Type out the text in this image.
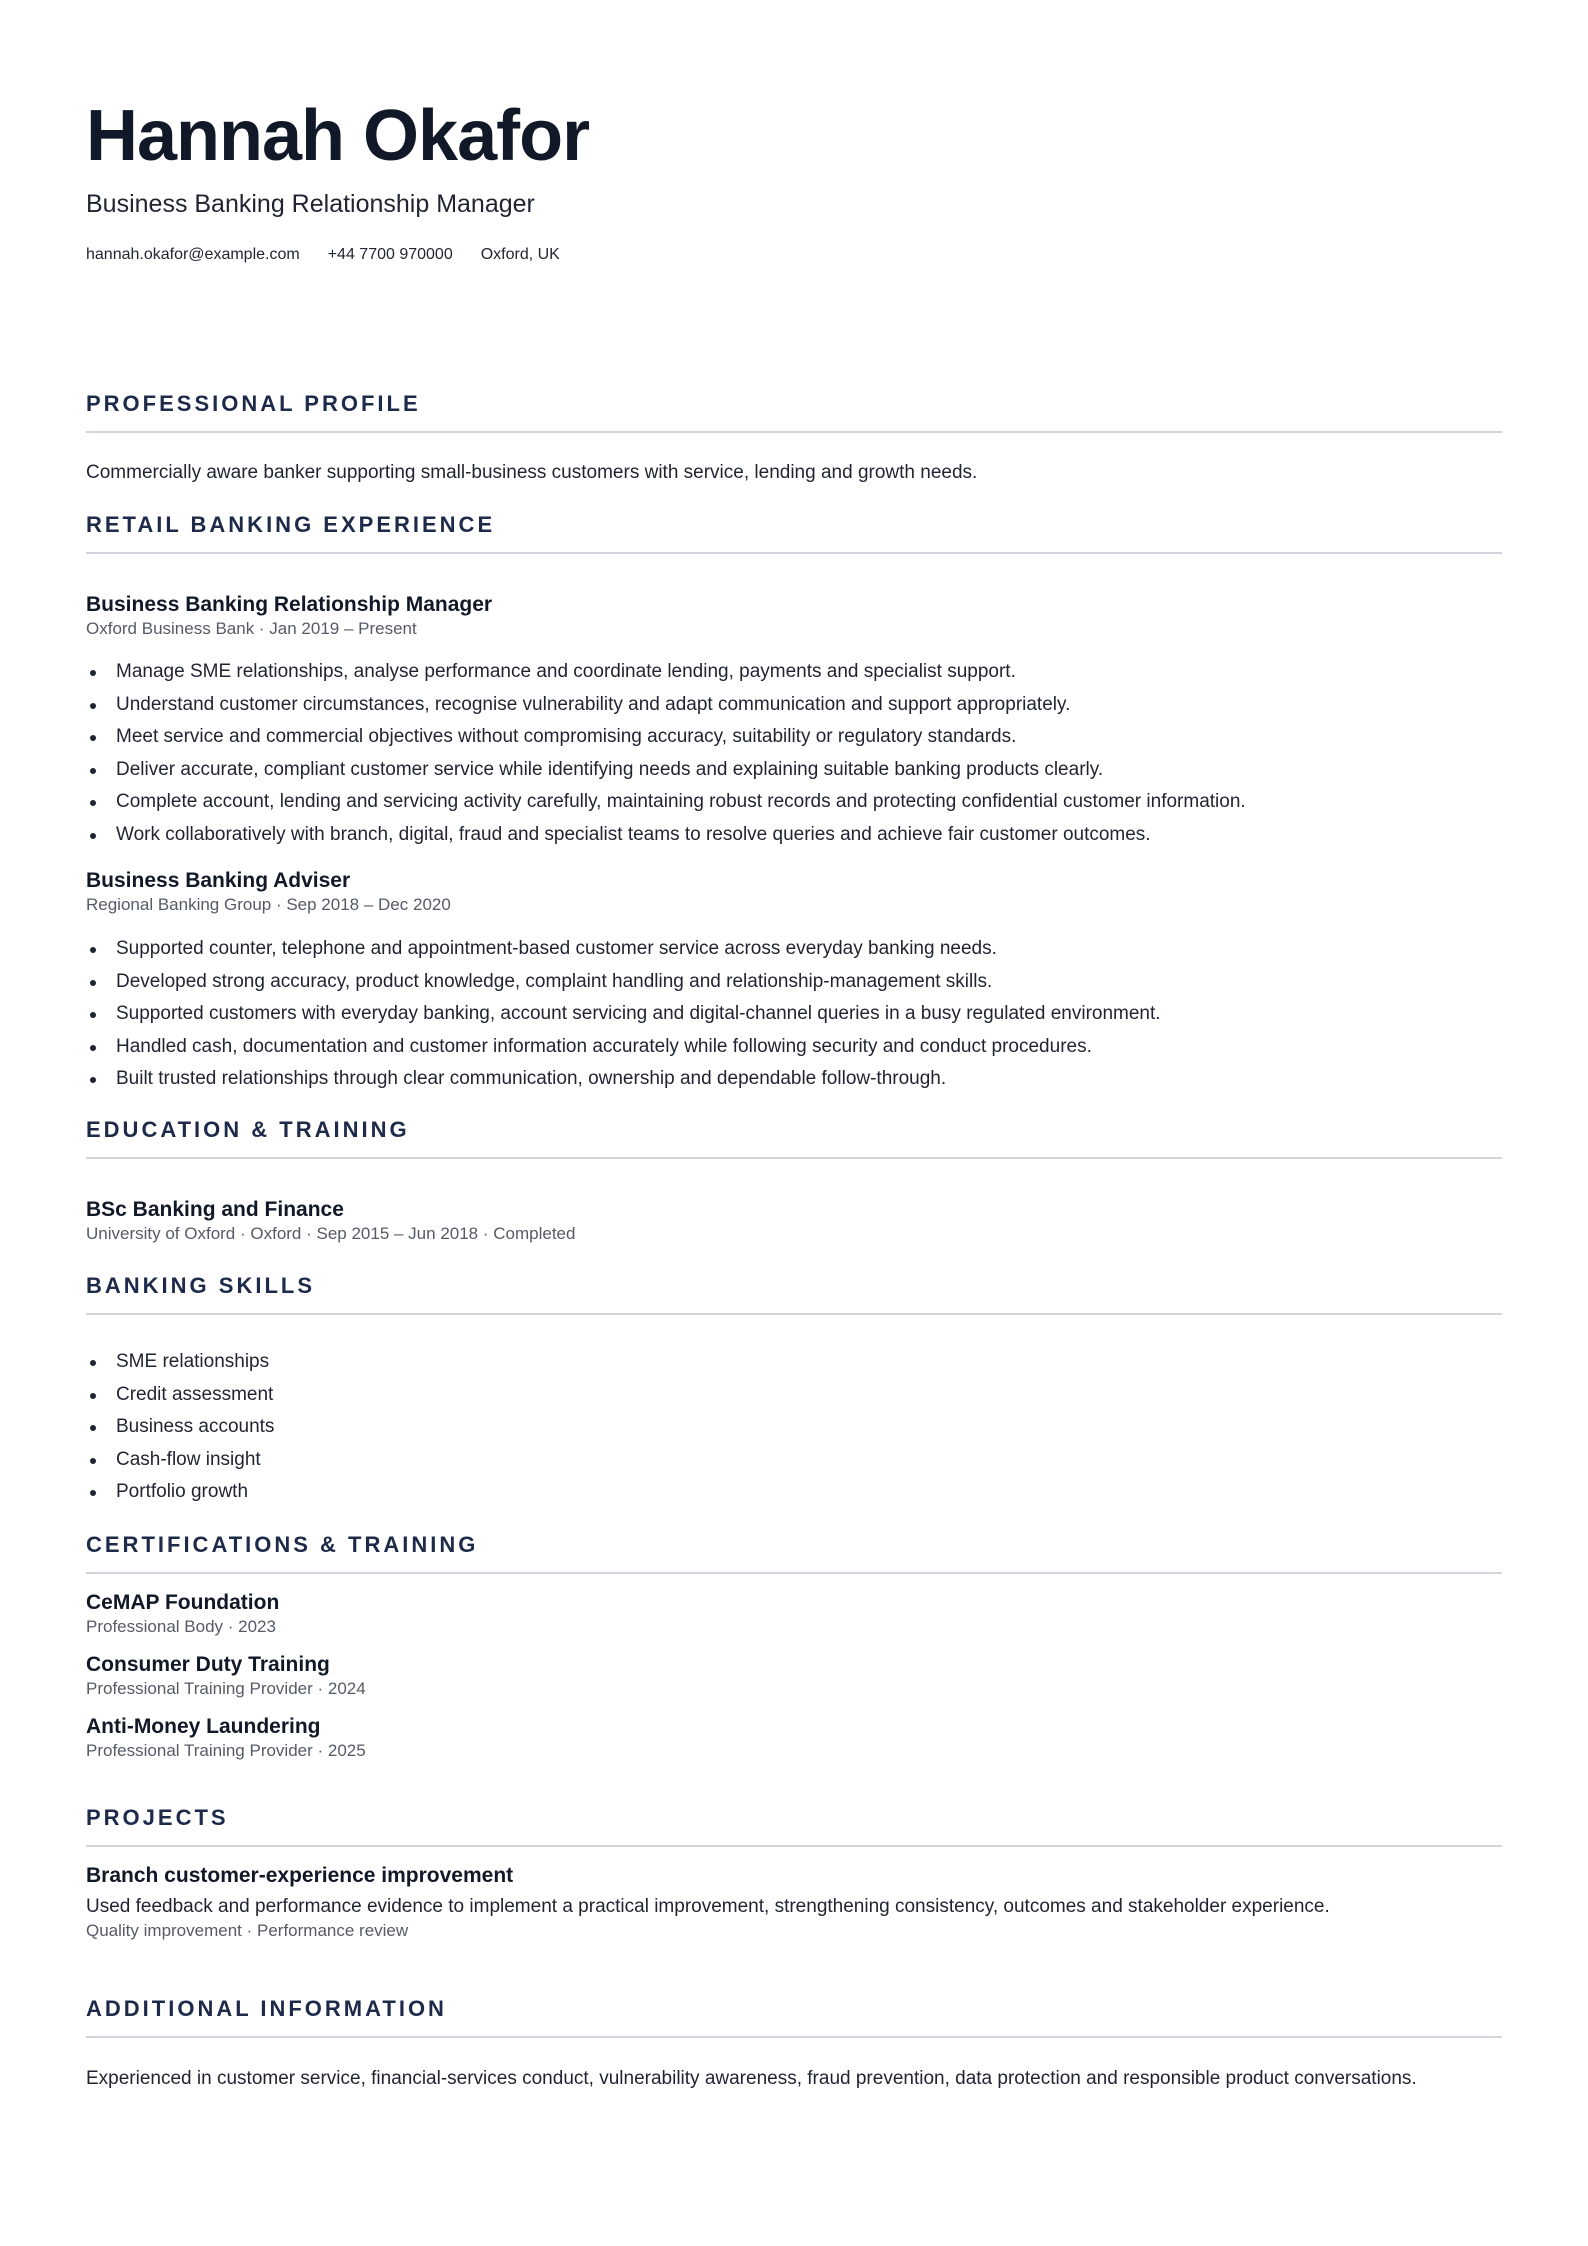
Hannah Okafor
Business Banking Relationship Manager
hannah.okafor@example.com +44 7700 970000 Oxford, UK
PROFESSIONAL PROFILE
Commercially aware banker supporting small-business customers with service, lending and growth needs.
RETAIL BANKING EXPERIENCE
Business Banking Relationship Manager
Oxford Business Bank · Jan 2019 – Present
Manage SME relationships, analyse performance and coordinate lending, payments and specialist support.
Understand customer circumstances, recognise vulnerability and adapt communication and support appropriately.
Meet service and commercial objectives without compromising accuracy, suitability or regulatory standards.
Deliver accurate, compliant customer service while identifying needs and explaining suitable banking products clearly.
Complete account, lending and servicing activity carefully, maintaining robust records and protecting confidential customer information.
Work collaboratively with branch, digital, fraud and specialist teams to resolve queries and achieve fair customer outcomes.
Business Banking Adviser
Regional Banking Group · Sep 2018 – Dec 2020
Supported counter, telephone and appointment-based customer service across everyday banking needs.
Developed strong accuracy, product knowledge, complaint handling and relationship-management skills.
Supported customers with everyday banking, account servicing and digital-channel queries in a busy regulated environment.
Handled cash, documentation and customer information accurately while following security and conduct procedures.
Built trusted relationships through clear communication, ownership and dependable follow-through.
EDUCATION & TRAINING
BSc Banking and Finance
University of Oxford · Oxford · Sep 2015 – Jun 2018 · Completed
BANKING SKILLS
SME relationships
Credit assessment
Business accounts
Cash-flow insight
Portfolio growth
CERTIFICATIONS & TRAINING
CeMAP Foundation
Professional Body · 2023
Consumer Duty Training
Professional Training Provider · 2024
Anti-Money Laundering
Professional Training Provider · 2025
PROJECTS
Branch customer-experience improvement
Used feedback and performance evidence to implement a practical improvement, strengthening consistency, outcomes and stakeholder experience.
Quality improvement · Performance review
ADDITIONAL INFORMATION
Experienced in customer service, financial-services conduct, vulnerability awareness, fraud prevention, data protection and responsible product conversations.
